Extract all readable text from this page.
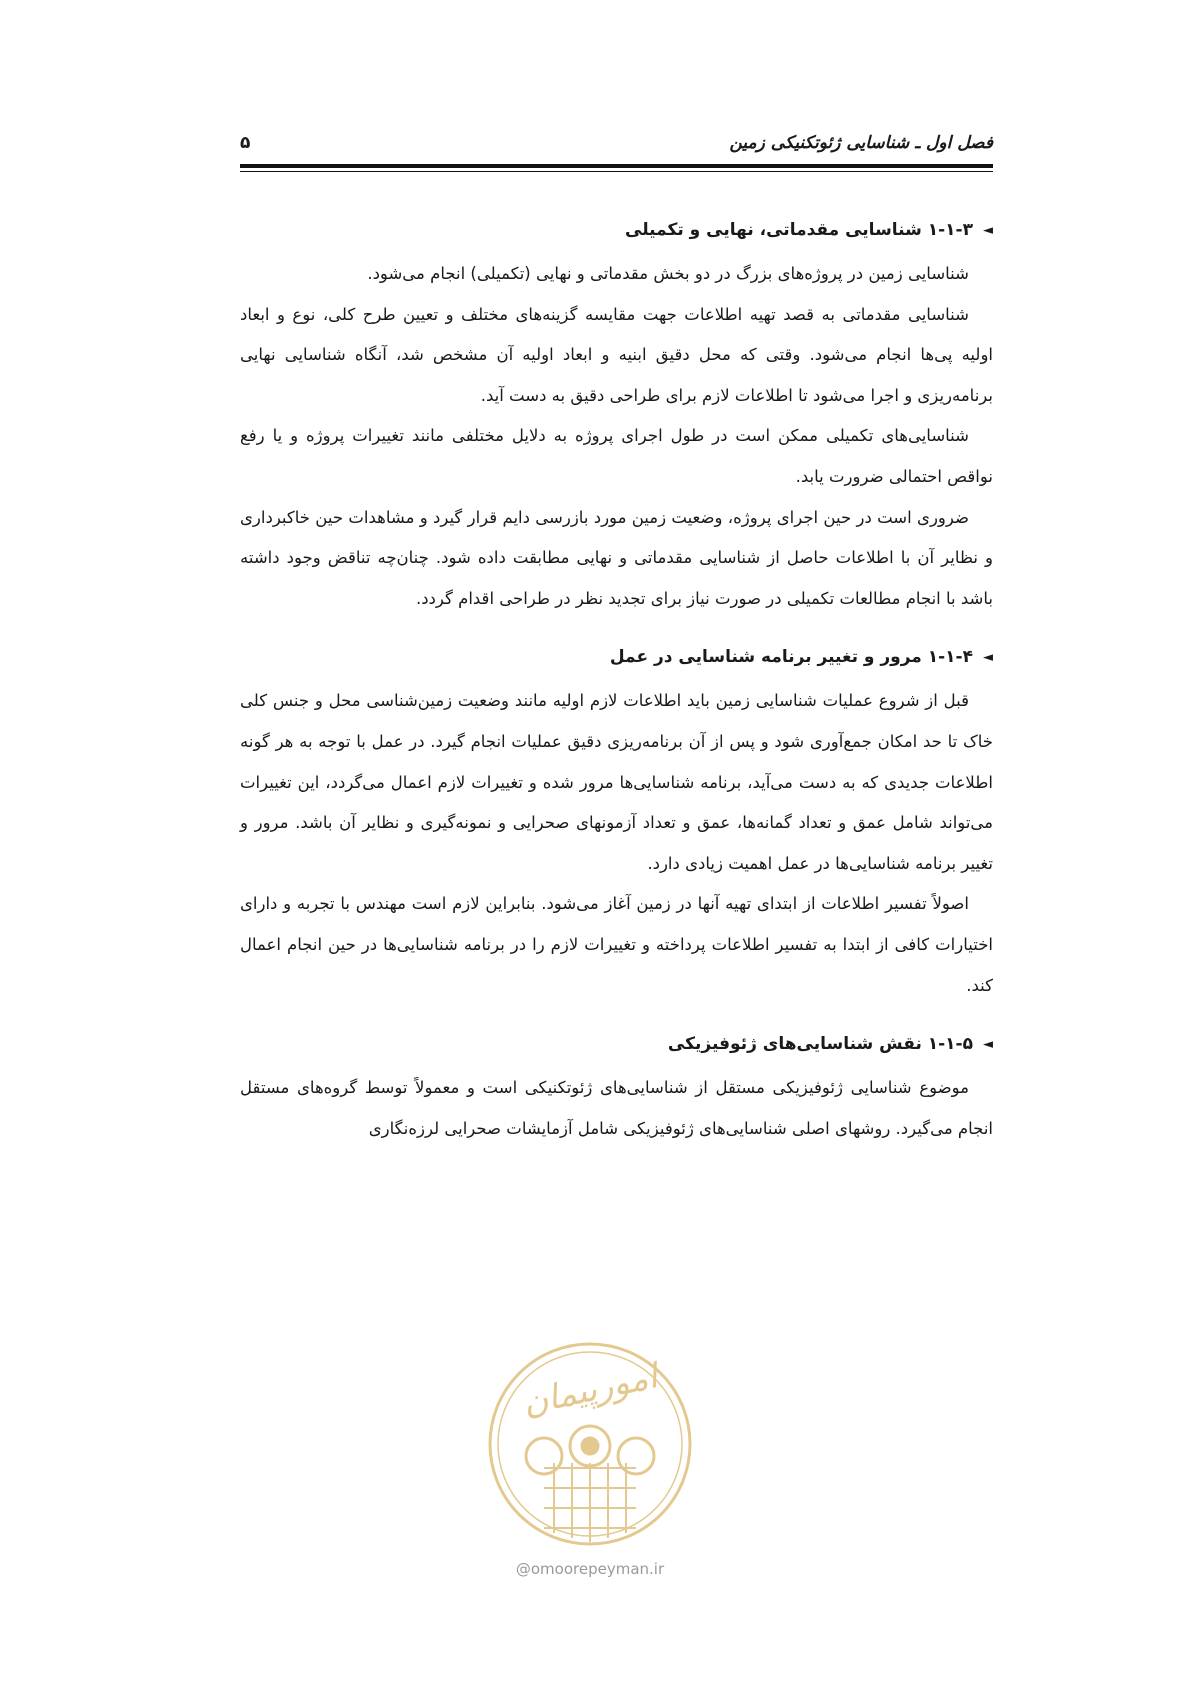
فصل اول ـ شناسایی ژئوتکنیکی زمین
۵
◄
۱-۱-۳ شناسایی مقدماتی، نهایی و تکمیلی

شناسایی زمین در پروژه‌های بزرگ در دو بخش مقدماتی و نهایی (تکمیلی) انجام می‌شود.

شناسایی مقدماتی به قصد تهیه اطلاعات جهت مقایسه گزینه‌های مختلف و تعیین طرح کلی، نوع و ابعاد اولیه پی‌ها انجام می‌شود. وقتی که محل دقیق ابنیه و ابعاد اولیه آن مشخص شد، آنگاه شناسایی نهایی برنامه‌ریزی و اجرا می‌شود تا اطلاعات لازم برای طراحی دقیق به دست آید.

شناسایی‌های تکمیلی ممکن است در طول اجرای پروژه به دلایل مختلفی مانند تغییرات پروژه و یا رفع نواقص احتمالی ضرورت یابد.

ضروری است در حین اجرای پروژه، وضعیت زمین مورد بازرسی دایم قرار گیرد و مشاهدات حین خاکبرداری و نظایر آن با اطلاعات حاصل از شناسایی مقدماتی و نهایی مطابقت داده شود. چنان‌چه تناقض وجود داشته باشد با انجام مطالعات تکمیلی در صورت نیاز برای تجدید نظر در طراحی اقدام گردد.

◄
۱-۱-۴ مرور و تغییر برنامه شناسایی در عمل

قبل از شروع عملیات شناسایی زمین باید اطلاعات لازم اولیه مانند وضعیت زمین‌شناسی محل و جنس کلی خاک تا حد امکان جمع‌آوری شود و پس از آن برنامه‌ریزی دقیق عملیات انجام گیرد. در عمل با توجه به هر گونه اطلاعات جدیدی که به دست می‌آید، برنامه شناسایی‌ها مرور شده و تغییرات لازم اعمال می‌گردد، این تغییرات می‌تواند شامل عمق و تعداد گمانه‌ها، عمق و تعداد آزمونهای صحرایی و نمونه‌گیری و نظایر آن باشد. مرور و تغییر برنامه شناسایی‌ها در عمل اهمیت زیادی دارد.

اصولاً تفسیر اطلاعات از ابتدای تهیه آنها در زمین آغاز می‌شود. بنابراین لازم است مهندس با تجربه و دارای اختیارات کافی از ابتدا به تفسیر اطلاعات پرداخته و تغییرات لازم را در برنامه شناسایی‌ها در حین انجام اعمال کند.

◄
۱-۱-۵ نقش شناسایی‌های ژئوفیزیکی

موضوع شناسایی ژئوفیزیکی مستقل از شناسایی‌های ژئوتکنیکی است و معمولاً توسط گروه‌های مستقل انجام می‌گیرد. روشهای اصلی شناسایی‌های ژئوفیزیکی شامل آزمایشات صحرایی لرزه‌نگاری

امورپیمان
@omoorepeyman.ir
